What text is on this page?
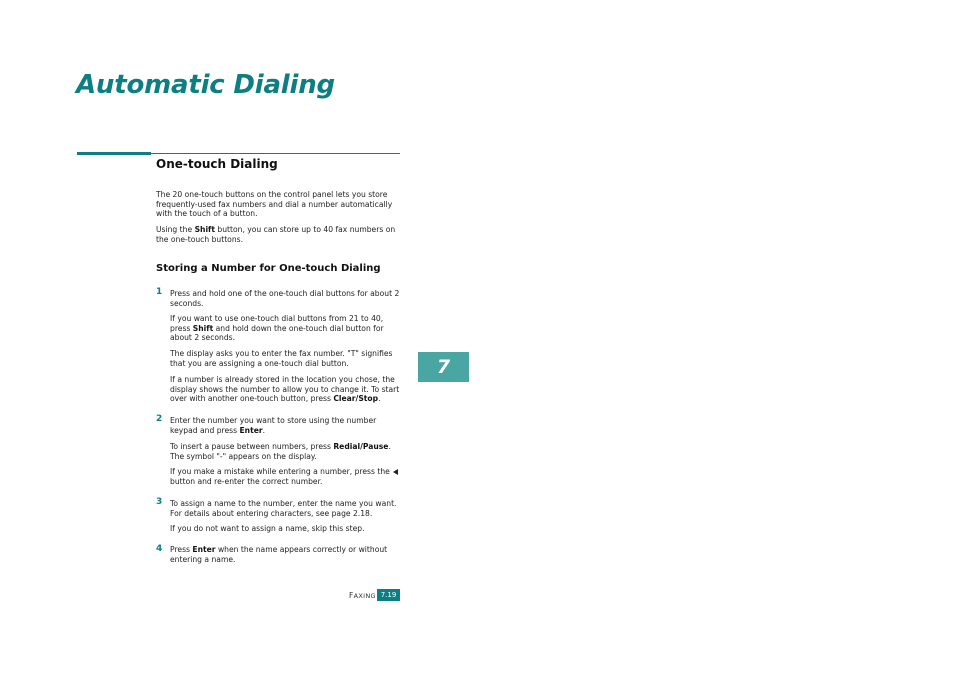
Automatic Dialing
One-touch Dialing

The 20 one-touch buttons on the control panel lets you store frequently-used fax numbers and dial a number automatically with the touch of a button.

Using the Shift button, you can store up to 40 fax numbers on the one-touch buttons.

Storing a Number for One-touch Dialing
1 Press and hold one of the one-touch dial buttons for about 2 seconds.

If you want to use one-touch dial buttons from 21 to 40, press Shift and hold down the one-touch dial button for about 2 seconds.

The display asks you to enter the fax number. "T" signifies that you are assigning a one-touch dial button.

If a number is already stored in the location you chose, the display shows the number to allow you to change it. To start over with another one-touch button, press Clear/Stop.

2 Enter the number you want to store using the number keypad and press Enter.

To insert a pause between numbers, press Redial/Pause. The symbol "-" appears on the display.

If you make a mistake while entering a number, press the
button and re-enter the correct number.

3 To assign a name to the number, enter the name you want. For details about entering characters, see page 2.18.

If you do not want to assign a name, skip this step.

4 Press Enter when the name appears correctly or without entering a name.

7
FAXING 7.19
